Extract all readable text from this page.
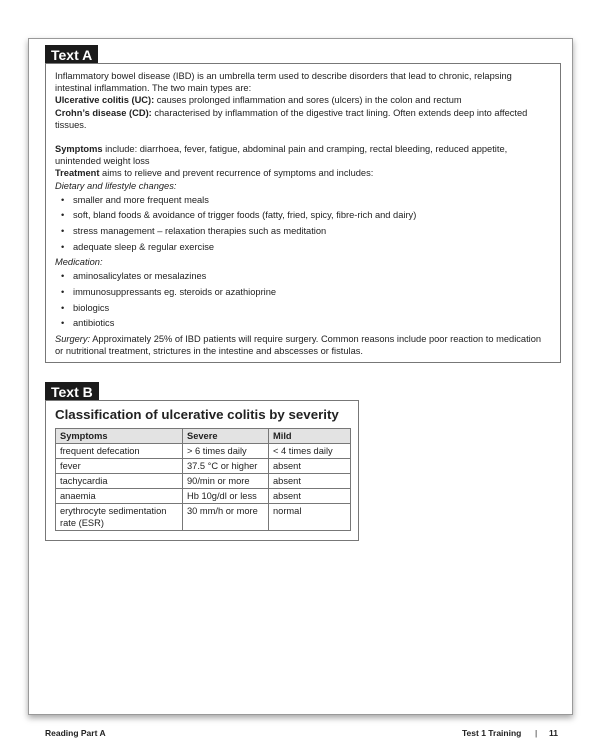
Text A

Inflammatory bowel disease (IBD) is an umbrella term used to describe disorders that lead to chronic, relapsing intestinal inflammation. The two main types are:

Ulcerative colitis (UC): causes prolonged inflammation and sores (ulcers) in the colon and rectum

Crohn’s disease (CD): characterised by inflammation of the digestive tract lining. Often extends deep into affected tissues.

Symptoms include: diarrhoea, fever, fatigue, abdominal pain and cramping, rectal bleeding, reduced appetite, unintended weight loss

Treatment aims to relieve and prevent recurrence of symptoms and includes:

Dietary and lifestyle changes:

• smaller and more frequent meals
• soft, bland foods & avoidance of trigger foods (fatty, fried, spicy, fibre-rich and dairy)
• stress management – relaxation therapies such as meditation
• adequate sleep & regular exercise

Medication:

• aminosalicylates or mesalazines
• immunosuppressants eg. steroids or azathioprine
• biologics
• antibiotics

Surgery: Approximately 25% of IBD patients will require surgery. Common reasons include poor reaction to medication or nutritional treatment, strictures in the intestine and abscesses or fistulas.

Text B
Classification of ulcerative colitis by severity
Symptoms	Severe	Mild
frequent defecation	> 6 times daily	< 4 times daily
fever	37.5 °C or higher	absent
tachycardia	90/min or more	absent
anaemia	Hb 10g/dl or less	absent
erythrocyte sedimentation rate (ESR)	30 mm/h or more	normal
Reading Part A	Test 1 Training | 11
